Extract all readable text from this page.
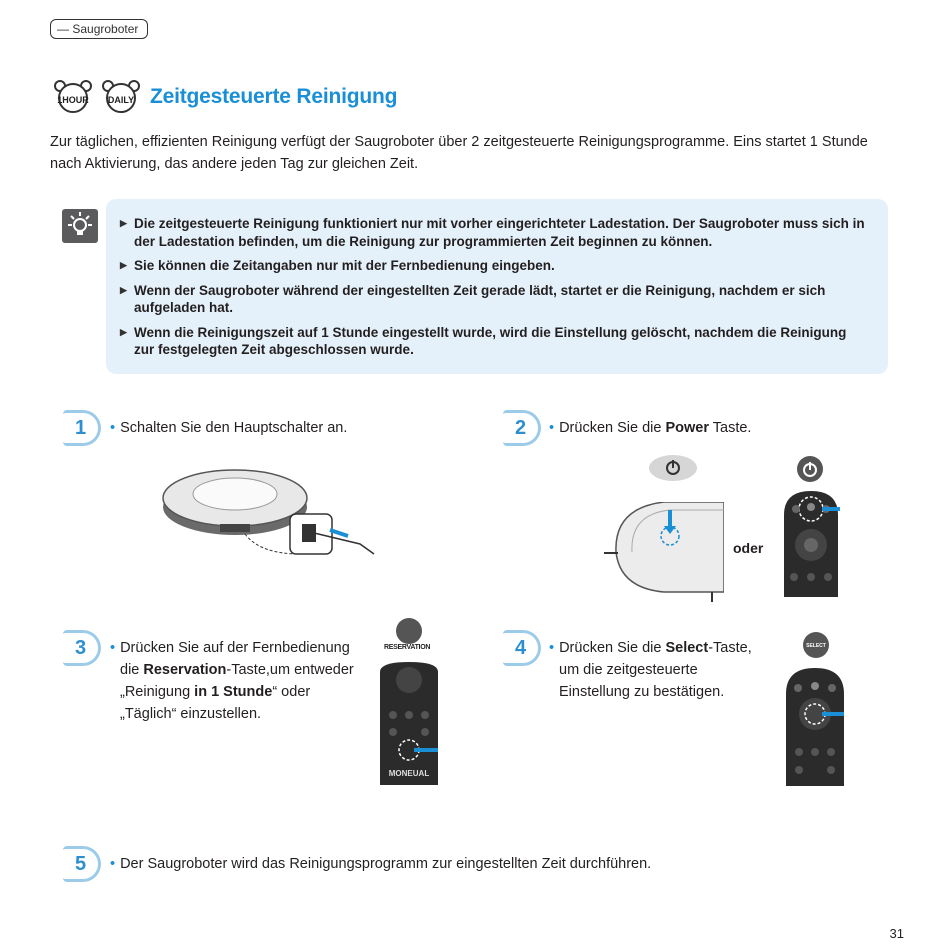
— Saugroboter
1HOUR DAILY Zeitgesteuerte Reinigung

Zur täglichen, effizienten Reinigung verfügt der Saugroboter über 2 zeitgesteuerte Reinigungsprogramme. Eins startet 1 Stunde nach Aktivierung, das andere jeden Tag zur gleichen Zeit.

▶ Die zeitgesteuerte Reinigung funktioniert nur mit vorher eingerichteter Ladestation. Der Saugroboter muss sich in der Ladestation befinden, um die Reinigung zur programmierten Zeit beginnen zu können.
▶ Sie können die Zeitangaben nur mit der Fernbedienung eingeben.
▶ Wenn der Saugroboter während der eingestellten Zeit gerade lädt, startet er die Reinigung, nachdem er sich aufgeladen hat.
▶ Wenn die Reinigungszeit auf 1 Stunde eingestellt wurde, wird die Einstellung gelöscht, nachdem die Reinigung zur festgelegten Zeit abgeschlossen wurde.
1	• Schalten Sie den Hauptschalter an.	2	• Drücken Sie die Power Taste.
oder
3	• Drücken Sie auf der Fernbedienung
die Reservation-Taste,um entweder
„Reinigung in 1 Stunde“ oder
„Täglich“ einzustellen.
RESERVATION
MONEUAL
4	• Drücken Sie die Select-Taste,
um die zeitgesteuerte
Einstellung zu bestätigen.
SELECT
5	• Der Saugroboter wird das Reinigungsprogramm zur eingestellten Zeit durchführen.
31
